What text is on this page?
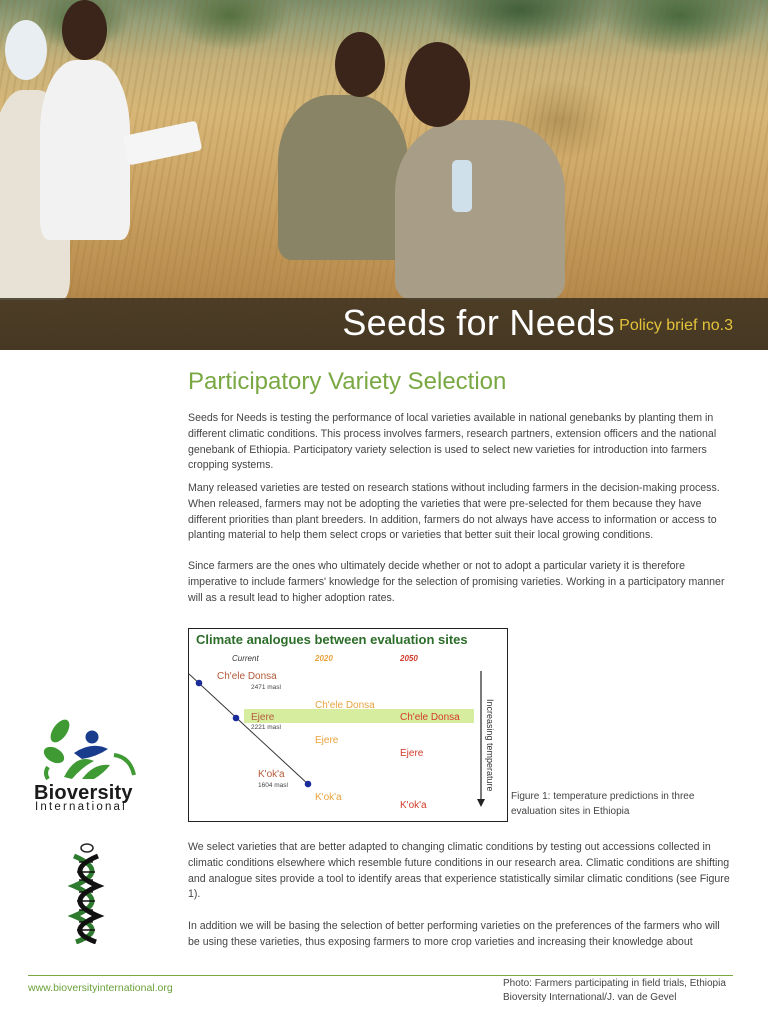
Seeds for Needs Policy brief no.3
Participatory Variety Selection

Seeds for Needs is testing the performance of local varieties available in national genebanks by planting them in different climatic conditions. This process involves farmers, research partners, extension officers and the national genebank of Ethiopia. Participatory variety selection is used to select new varieties for introduction into farmers cropping systems.

Many released varieties are tested on research stations without including farmers in the decision-making process. When released, farmers may not be adopting the varieties that were pre-selected for them because they have different priorities than plant breeders. In addition, farmers do not always have access to information or access to planting material to help them select crops or varieties that better suit their local growing conditions.

Since farmers are the ones who ultimately decide whether or not to adopt a particular variety it is therefore imperative to include farmers' knowledge for the selection of promising varieties. Working in a participatory manner will as a result lead to higher adoption rates.

Climate analogues between evaluation sites
Current	2020	2050
Ch'ele Donsa
2471 masl
Ejere
2221 masl
K'ok'a
1604 masl
Ch'ele Donsa
Ejere
K'ok'a
Ch'ele Donsa
Ejere
K'ok'a
Increasing temperature
Figure 1: temperature predictions in three evaluation sites in Ethiopia

We select varieties that are better adapted to changing climatic conditions by testing out accessions collected in climatic conditions elsewhere which resemble future conditions in our research area. Climatic conditions are shifting and analogue sites provide a tool to identify areas that experience statistically similar climatic conditions (see Figure 1).

In addition we will be basing the selection of better performing varieties on the preferences of the farmers who will be using these varieties, thus exposing farmers to more crop varieties and increasing their knowledge about

Bioversity
International
www.bioversityinternational.org	Photo: Farmers participating in field trials, Ethiopia
Bioversity International/J. van de Gevel
